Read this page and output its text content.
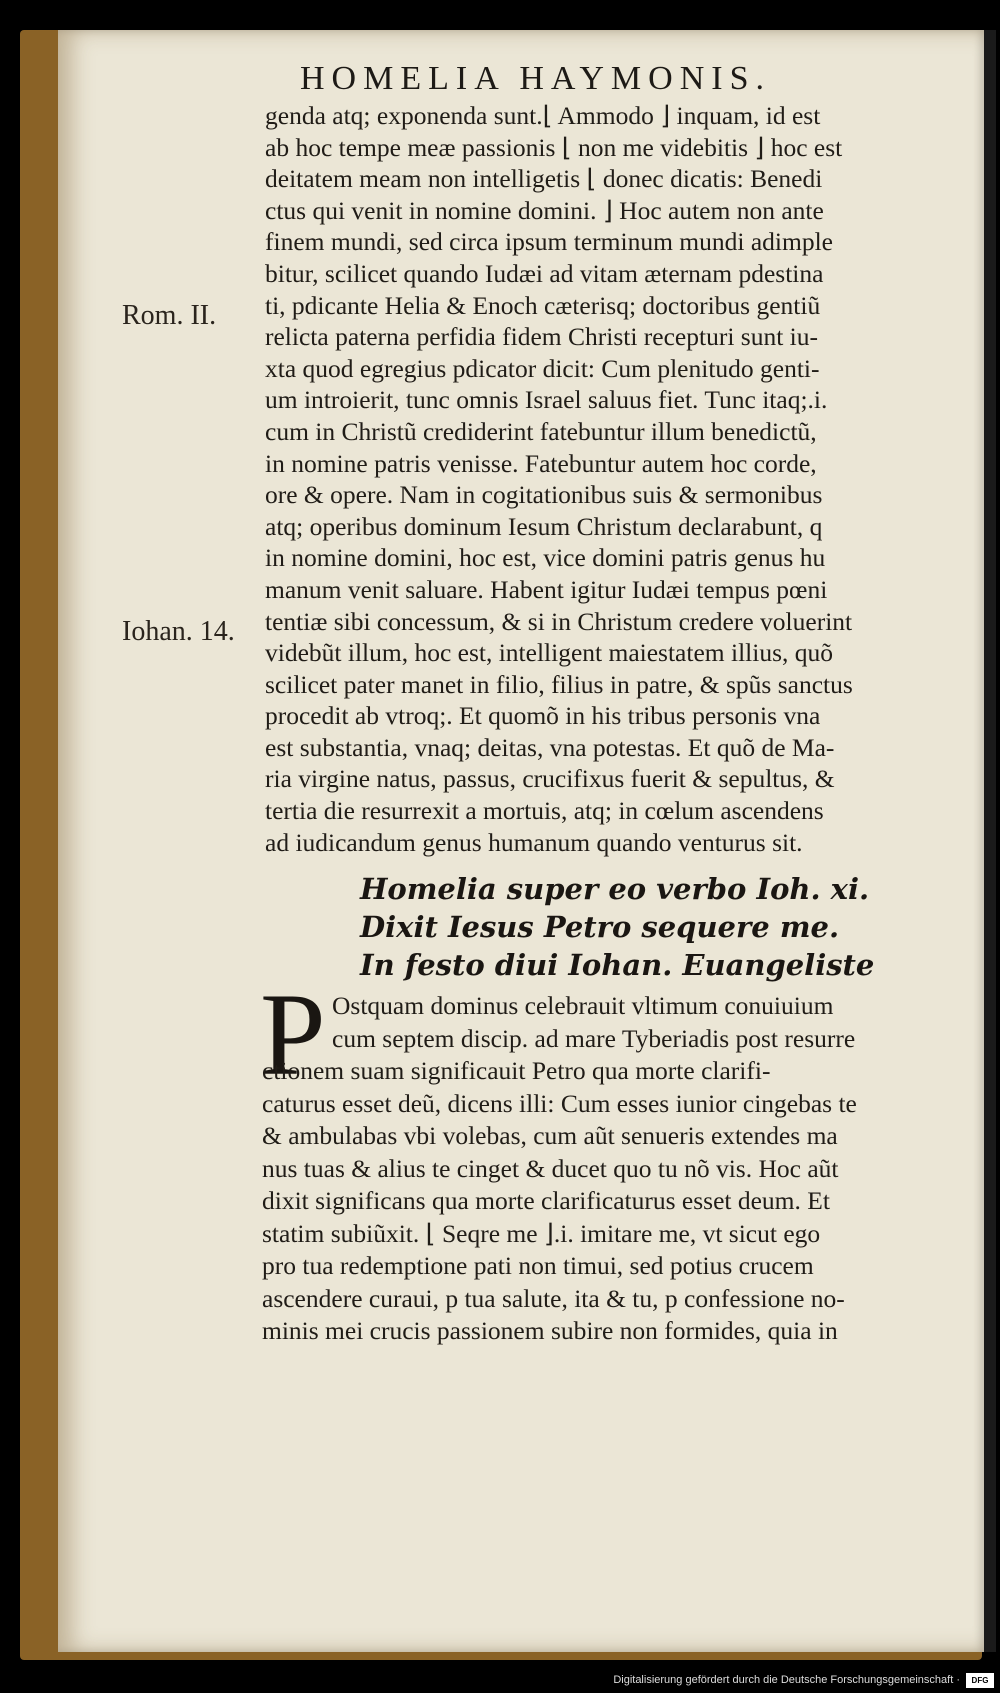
HOMELIA HAYMONIS.
Rom. II.
Iohan. 14.
genda atq; exponenda sunt.⌊ Ammodo ⌋ inquam, id est
ab hoc tempe meæ passionis ⌊ non me videbitis ⌋ hoc est
deitatem meam non intelligetis ⌊ donec dicatis: Benedi
ctus qui venit in nomine domini. ⌋ Hoc autem non ante
finem mundi, sed circa ipsum terminum mundi adimple
bitur, scilicet quando Iudæi ad vitam æternam pdestina
ti, pdicante Helia & Enoch cæterisq; doctoribus gentiũ
relicta paterna perfidia fidem Christi recepturi sunt iu-
xta quod egregius pdicator dicit: Cum plenitudo genti-
um introierit, tunc omnis Israel saluus fiet. Tunc itaq;.i.
cum in Christũ crediderint fatebuntur illum benedictũ,
in nomine patris venisse. Fatebuntur autem hoc corde,
ore & opere. Nam in cogitationibus suis & sermonibus
atq; operibus dominum Iesum Christum declarabunt, q
in nomine domini, hoc est, vice domini patris genus hu
manum venit saluare. Habent igitur Iudæi tempus pœni
tentiæ sibi concessum, & si in Christum credere voluerint
videbũt illum, hoc est, intelligent maiestatem illius, quõ
scilicet pater manet in filio, filius in patre, & spũs sanctus
procedit ab vtroq;. Et quomõ in his tribus personis vna
est substantia, vnaq; deitas, vna potestas. Et quõ de Ma-
ria virgine natus, passus, crucifixus fuerit & sepultus, &
tertia die resurrexit a mortuis, atq; in cœlum ascendens
ad iudicandum genus humanum quando venturus sit.
Homelia super eo verbo Ioh. xi.
Dixit Iesus Petro sequere me.
In festo diui Iohan. Euangeliste
P Ostquam dominus celebrauit vltimum conuiuium
cum septem discip. ad mare Tyberiadis post resurre
ctionem suam significauit Petro qua morte clarifi-
caturus esset deũ, dicens illi: Cum esses iunior cingebas te
& ambulabas vbi volebas, cum aũt senueris extendes ma
nus tuas & alius te cinget & ducet quo tu nõ vis. Hoc aũt
dixit significans qua morte clarificaturus esset deum. Et
statim subiũxit. ⌊ Seqre me ⌋.i. imitare me, vt sicut ego
pro tua redemptione pati non timui, sed potius crucem
ascendere curaui, p tua salute, ita & tu, p confessione no-
minis mei crucis passionem subire non formides, quia in
Digitalisierung gefördert durch die Deutsche Forschungsgemeinschaft ·	DFG
